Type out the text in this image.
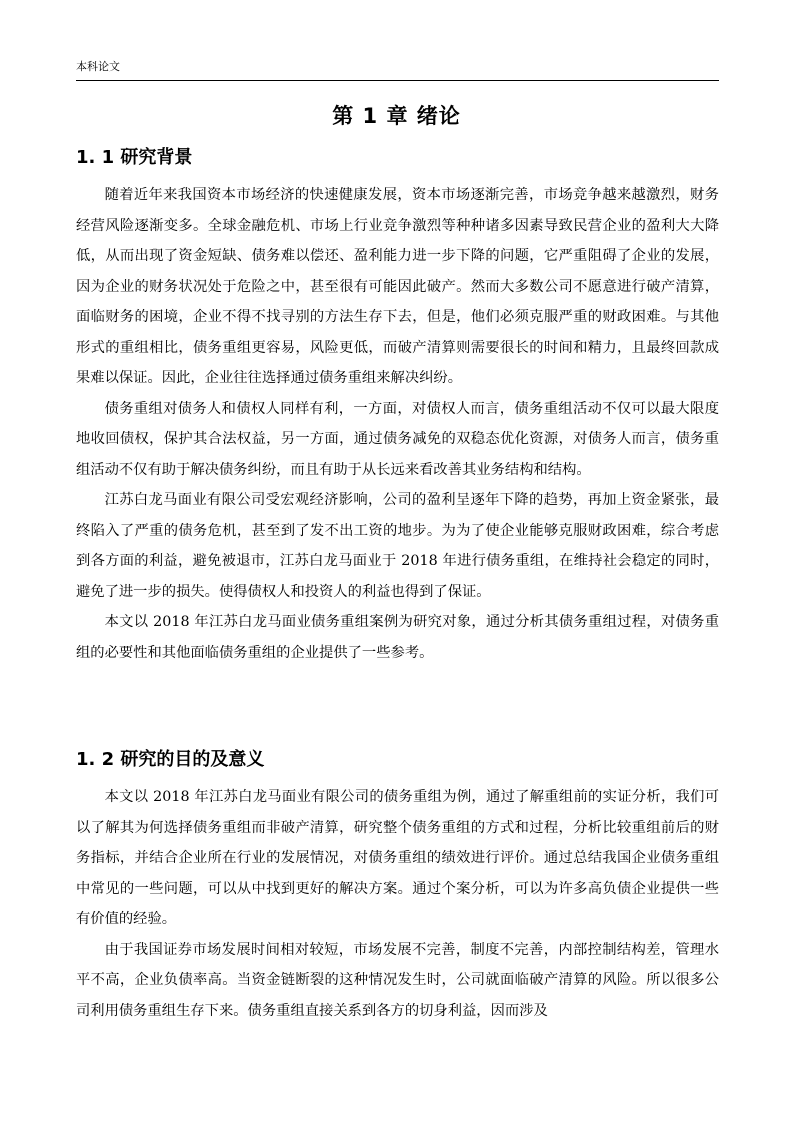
本科论文
第 1 章 绪论
1. 1 研究背景

随着近年来我国资本市场经济的快速健康发展，资本市场逐渐完善，市场竞争越来越激烈，财务经营风险逐渐变多。全球金融危机、市场上行业竞争激烈等种种诸多因素导致民营企业的盈利大大降低，从而出现了资金短缺、债务难以偿还、盈利能力进一步下降的问题，它严重阻碍了企业的发展，因为企业的财务状况处于危险之中，甚至很有可能因此破产。然而大多数公司不愿意进行破产清算，面临财务的困境，企业不得不找寻别的方法生存下去，但是，他们必须克服严重的财政困难。与其他形式的重组相比，债务重组更容易，风险更低，而破产清算则需要很长的时间和精力，且最终回款成果难以保证。因此，企业往往选择通过债务重组来解决纠纷。

债务重组对债务人和债权人同样有利，一方面，对债权人而言，债务重组活动不仅可以最大限度地收回债权，保护其合法权益，另一方面，通过债务减免的双稳态优化资源，对债务人而言，债务重组活动不仅有助于解决债务纠纷，而且有助于从长远来看改善其业务结构和结构。

江苏白龙马面业有限公司受宏观经济影响，公司的盈利呈逐年下降的趋势，再加上资金紧张，最终陷入了严重的债务危机，甚至到了发不出工资的地步。为为了使企业能够克服财政困难，综合考虑到各方面的利益，避免被退市，江苏白龙马面业于 2018 年进行债务重组，在维持社会稳定的同时，避免了进一步的损失。使得债权人和投资人的利益也得到了保证。

本文以 2018 年江苏白龙马面业债务重组案例为研究对象，通过分析其债务重组过程，对债务重组的必要性和其他面临债务重组的企业提供了一些参考。

1. 2 研究的目的及意义

本文以 2018 年江苏白龙马面业有限公司的债务重组为例，通过了解重组前的实证分析，我们可以了解其为何选择债务重组而非破产清算，研究整个债务重组的方式和过程，分析比较重组前后的财务指标，并结合企业所在行业的发展情况，对债务重组的绩效进行评价。通过总结我国企业债务重组中常见的一些问题，可以从中找到更好的解决方案。通过个案分析，可以为许多高负债企业提供一些有价值的经验。

由于我国证券市场发展时间相对较短，市场发展不完善，制度不完善，内部控制结构差，管理水平不高，企业负债率高。当资金链断裂的这种情况发生时，公司就面临破产清算的风险。所以很多公司利用债务重组生存下来。债务重组直接关系到各方的切身利益，因而涉及
